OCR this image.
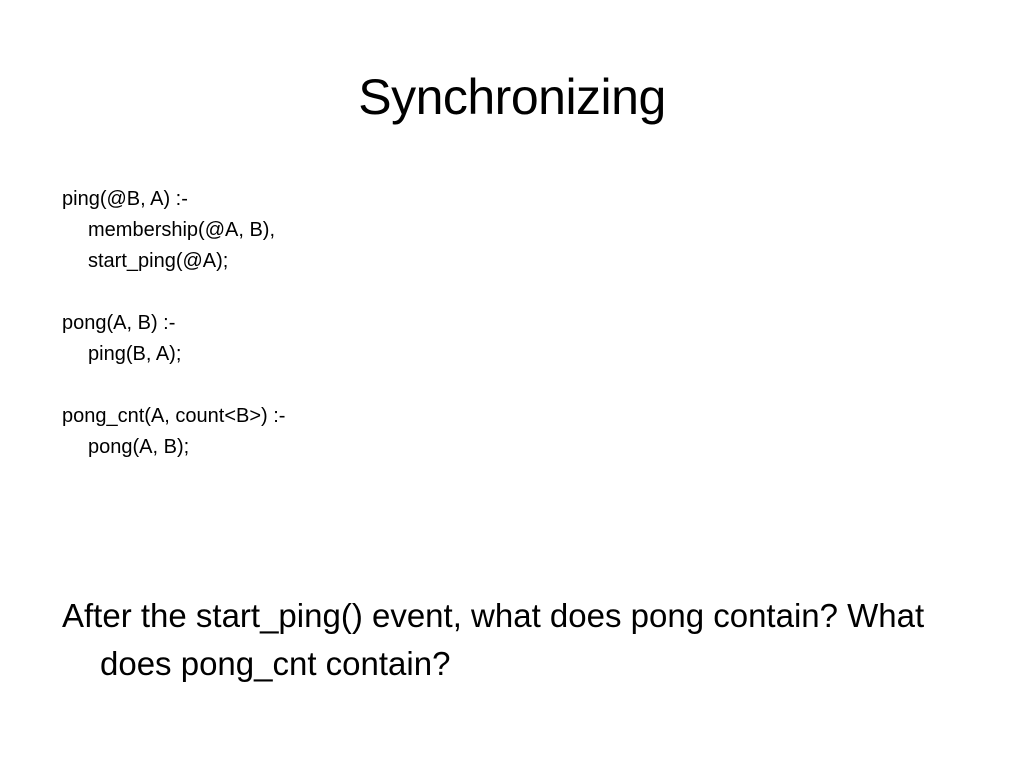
Synchronizing
ping(@B, A) :-
membership(@A, B),
start_ping(@A);
pong(A, B) :-
ping(B, A);
pong_cnt(A, count<B>) :-
pong(A, B);
After the start_ping() event, what does pong contain? What does pong_cnt contain?
